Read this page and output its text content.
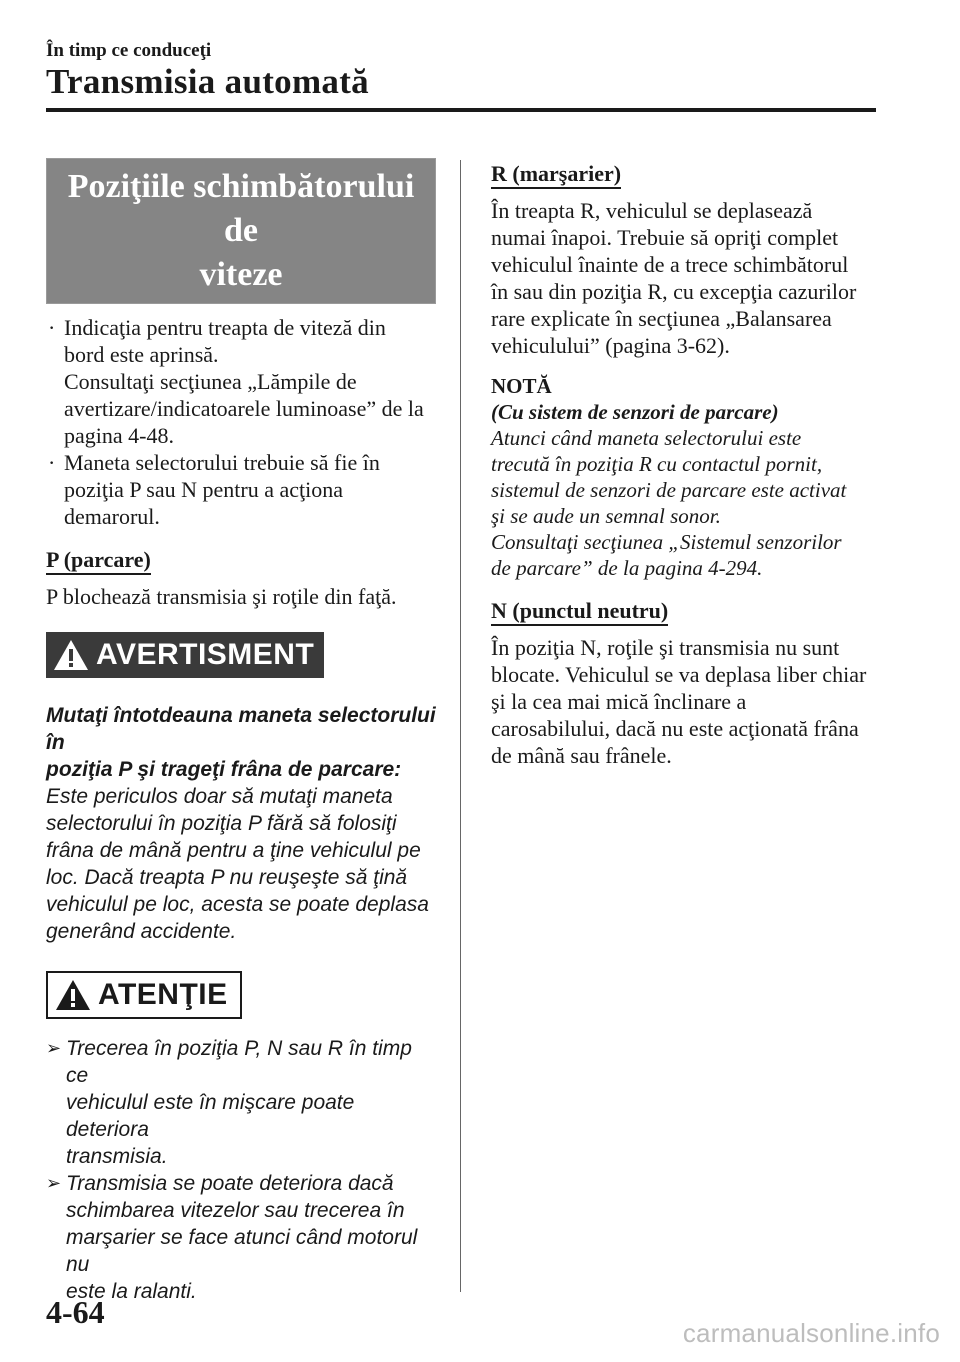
În timp ce conduceţi
Transmisia automată
Poziţiile schimbătorului de
viteze
· Indicaţia pentru treapta de viteză din
bord este aprinsă.
Consultaţi secţiunea „Lămpile de
avertizare/indicatoarele luminoase” de la
pagina 4-48.
· Maneta selectorului trebuie să fie în
poziţia P sau N pentru a acţiona
demarorul.
P (parcare)
P blochează transmisia şi roţile din faţă.
AVERTISMENT
Mutaţi întotdeauna maneta selectorului în
poziţia P şi trageţi frâna de parcare:
Este periculos doar să mutaţi maneta
selectorului în poziţia P fără să folosiţi
frâna de mână pentru a ţine vehiculul pe
loc. Dacă treapta P nu reuşeşte să ţină
vehiculul pe loc, acesta se poate deplasa
generând accidente.
ATENŢIE
➢ Trecerea în poziţia P, N sau R în timp ce
vehiculul este în mişcare poate deteriora
transmisia.
➢ Transmisia se poate deteriora dacă
schimbarea vitezelor sau trecerea în
marşarier se face atunci când motorul nu
este la ralanti.
R (marşarier)
În treapta R, vehiculul se deplasează
numai înapoi. Trebuie să opriţi complet
vehiculul înainte de a trece schimbătorul
în sau din poziţia R, cu excepţia cazurilor
rare explicate în secţiunea „Balansarea
vehiculului” (pagina 3-62).
NOTĂ
(Cu sistem de senzori de parcare)
Atunci când maneta selectorului este
trecută în poziţia R cu contactul pornit,
sistemul de senzori de parcare este activat
şi se aude un semnal sonor.
Consultaţi secţiunea „Sistemul senzorilor
de parcare” de la pagina 4-294.
N (punctul neutru)
În poziţia N, roţile şi transmisia nu sunt
blocate. Vehiculul se va deplasa liber chiar
şi la cea mai mică înclinare a
carosabilului, dacă nu este acţionată frâna
de mână sau frânele.
4-64
carmanualsonline.info
